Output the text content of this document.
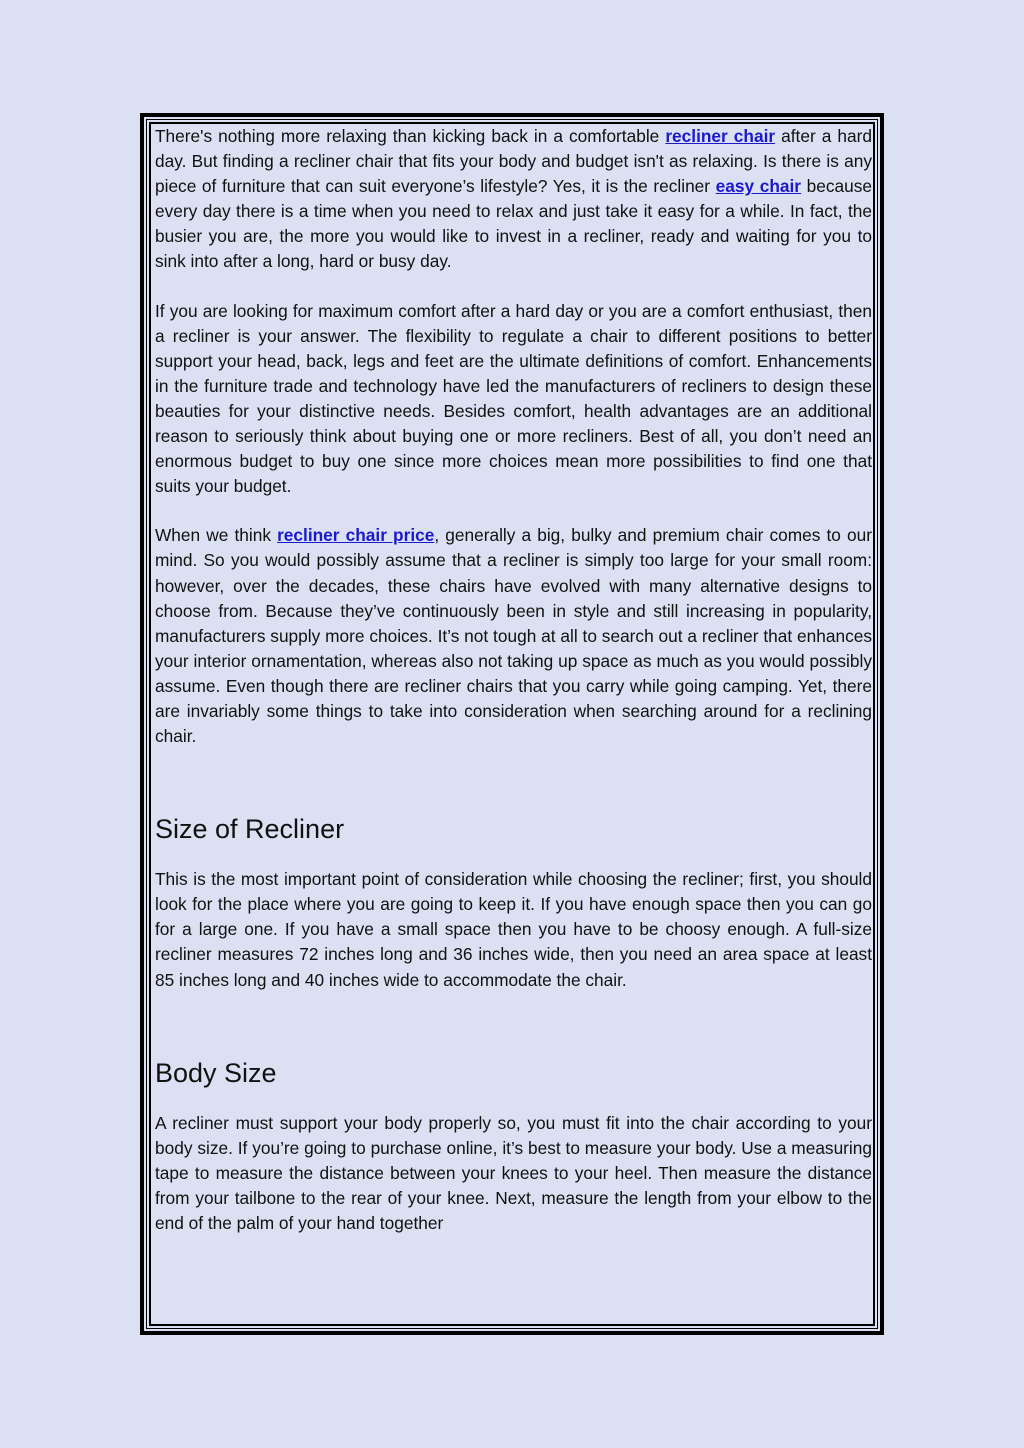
There's nothing more relaxing than kicking back in a comfortable recliner chair after a hard day. But finding a recliner chair that fits your body and budget isn't as relaxing. Is there is any piece of furniture that can suit everyone’s lifestyle? Yes, it is the recliner easy chair because every day there is a time when you need to relax and just take it easy for a while. In fact, the busier you are, the more you would like to invest in a recliner, ready and waiting for you to sink into after a long, hard or busy day.

If you are looking for maximum comfort after a hard day or you are a comfort enthusiast, then a recliner is your answer. The flexibility to regulate a chair to different positions to better support your head, back, legs and feet are the ultimate definitions of comfort. Enhancements in the furniture trade and technology have led the manufacturers of recliners to design these beauties for your distinctive needs. Besides comfort, health advantages are an additional reason to seriously think about buying one or more recliners. Best of all, you don’t need an enormous budget to buy one since more choices mean more possibilities to find one that suits your budget.

When we think recliner chair price, generally a big, bulky and premium chair comes to our mind. So you would possibly assume that a recliner is simply too large for your small room: however, over the decades, these chairs have evolved with many alternative designs to choose from. Because they’ve continuously been in style and still increasing in popularity, manufacturers supply more choices. It’s not tough at all to search out a recliner that enhances your interior ornamentation, whereas also not taking up space as much as you would possibly assume. Even though there are recliner chairs that you carry while going camping. Yet, there are invariably some things to take into consideration when searching around for a reclining chair.

Size of Recliner

This is the most important point of consideration while choosing the recliner; first, you should look for the place where you are going to keep it. If you have enough space then you can go for a large one. If you have a small space then you have to be choosy enough. A full-size recliner measures 72 inches long and 36 inches wide, then you need an area space at least 85 inches long and 40 inches wide to accommodate the chair.

Body Size

A recliner must support your body properly so, you must fit into the chair according to your body size. If you’re going to purchase online, it’s best to measure your body. Use a measuring tape to measure the distance between your knees to your heel. Then measure the distance from your tailbone to the rear of your knee. Next, measure the length from your elbow to the end of the palm of your hand together
